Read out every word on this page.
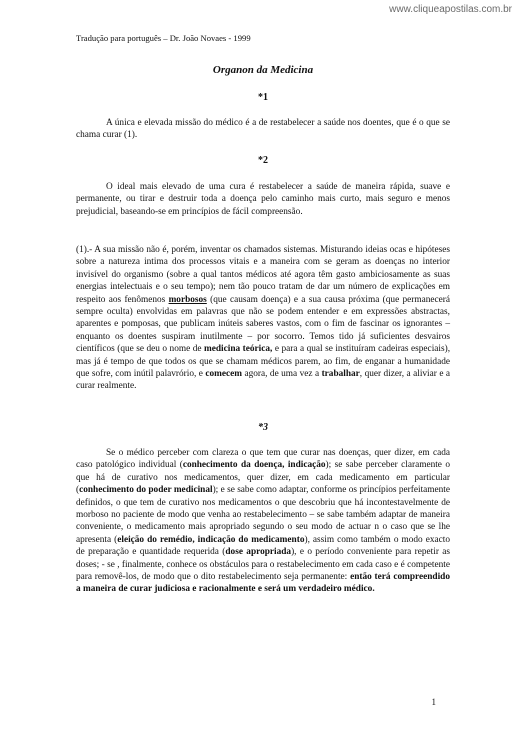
www.cliqueapostilas.com.br
Tradução para português – Dr. João Novaes - 1999
Organon da Medicina
*1

A única e elevada missão do médico é a de restabelecer a saúde nos doentes, que é o que se chama curar (1).

*2

O ideal mais elevado de uma cura é restabelecer a saúde de maneira rápida, suave e permanente, ou tirar e destruir toda a doença pelo caminho mais curto, mais seguro e menos prejudicial, baseando-se em princípios de fácil compreensão.

(1).- A sua missão não é, porém, inventar os chamados sistemas. Misturando ideias ocas e hipóteses sobre a natureza intima dos processos vitais e a maneira com se geram as doenças no interior invisível do organismo (sobre a qual tantos médicos até agora têm gasto ambiciosamente as suas energias intelectuais e o seu tempo); nem tão pouco tratam de dar um número de explicações em respeito aos fenômenos morbosos (que causam doença) e a sua causa próxima (que permanecerá sempre oculta) envolvidas em palavras que não se podem entender e em expressões abstractas, aparentes e pomposas, que publicam inúteis saberes vastos, com o fim de fascinar os ignorantes – enquanto os doentes suspiram inutilmente – por socorro. Temos tido já suficientes desvairos científicos (que se deu o nome de medicina teórica, e para a qual se instituíram cadeiras especiais), mas já é tempo de que todos os que se chamam médicos parem, ao fim, de enganar a humanidade que sofre, com inútil palavrório, e comecem agora, de uma vez a trabalhar, quer dizer, a aliviar e a curar realmente.

*3

Se o médico perceber com clareza o que tem que curar nas doenças, quer dizer, em cada caso patológico individual (conhecimento da doença, indicação); se sabe perceber claramente o que há de curativo nos medicamentos, quer dizer, em cada medicamento em particular (conhecimento do poder medicinal); e se sabe como adaptar, conforme os princípios perfeitamente definidos, o que tem de curativo nos medicamentos o que descobriu que há incontestavelmente de morboso no paciente de modo que venha ao restabelecimento – se sabe também adaptar de maneira conveniente, o medicamento mais apropriado segundo o seu modo de actuar n o caso que se lhe apresenta (eleição do remédio, indicação do medicamento), assim como também o modo exacto de preparação e quantidade requerida (dose apropriada), e o período conveniente para repetir as doses; - se , finalmente, conhece os obstáculos para o restabelecimento em cada caso e é competente para removê-los, de modo que o dito restabelecimento seja permanente: então terá compreendido a maneira de curar judiciosa e racionalmente e será um verdadeiro médico.

1
